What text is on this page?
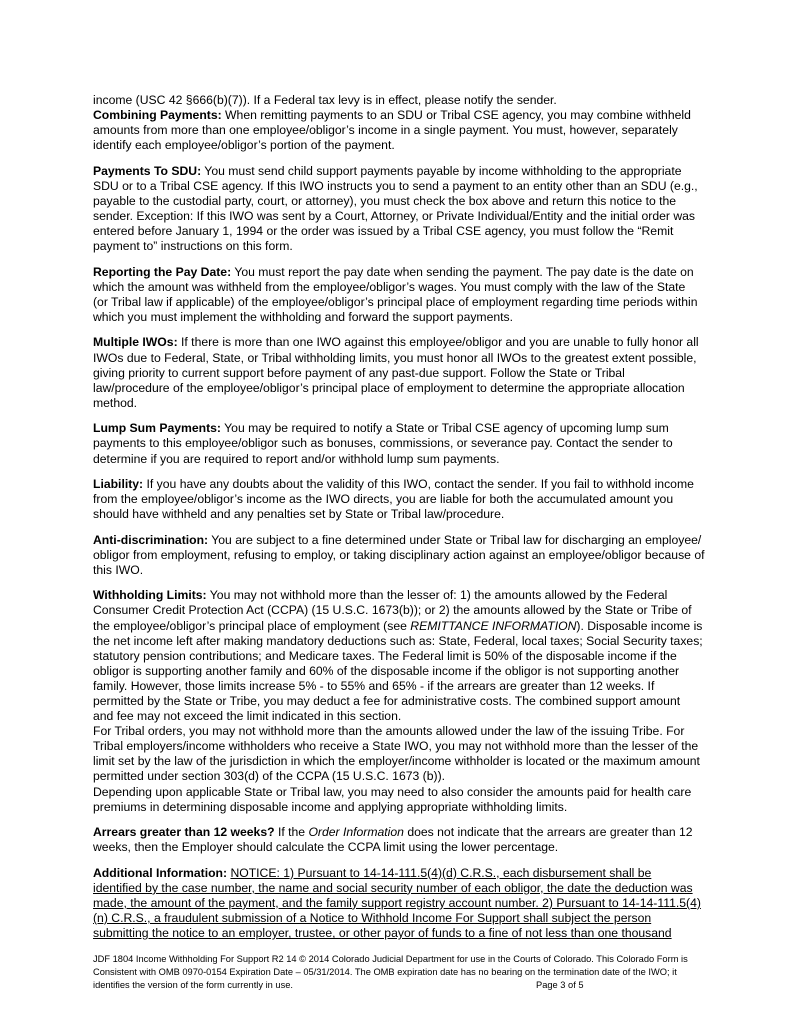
income (USC 42 §666(b)(7)). If a Federal tax levy is in effect, please notify the sender.
Combining Payments: When remitting payments to an SDU or Tribal CSE agency, you may combine withheld
amounts from more than one employee/obligor’s income in a single payment. You must, however, separately
identify each employee/obligor’s portion of the payment.
Payments To SDU: You must send child support payments payable by income withholding to the appropriate
SDU or to a Tribal CSE agency. If this IWO instructs you to send a payment to an entity other than an SDU (e.g.,
payable to the custodial party, court, or attorney), you must check the box above and return this notice to the
sender. Exception: If this IWO was sent by a Court, Attorney, or Private Individual/Entity and the initial order was
entered before January 1, 1994 or the order was issued by a Tribal CSE agency, you must follow the “Remit
payment to” instructions on this form.
Reporting the Pay Date: You must report the pay date when sending the payment. The pay date is the date on
which the amount was withheld from the employee/obligor’s wages. You must comply with the law of the State
(or Tribal law if applicable) of the employee/obligor’s principal place of employment regarding time periods within
which you must implement the withholding and forward the support payments.
Multiple IWOs: If there is more than one IWO against this employee/obligor and you are unable to fully honor all
IWOs due to Federal, State, or Tribal withholding limits, you must honor all IWOs to the greatest extent possible,
giving priority to current support before payment of any past-due support. Follow the State or Tribal
law/procedure of the employee/obligor’s principal place of employment to determine the appropriate allocation
method.
Lump Sum Payments: You may be required to notify a State or Tribal CSE agency of upcoming lump sum
payments to this employee/obligor such as bonuses, commissions, or severance pay. Contact the sender to
determine if you are required to report and/or withhold lump sum payments.
Liability: If you have any doubts about the validity of this IWO, contact the sender. If you fail to withhold income
from the employee/obligor’s income as the IWO directs, you are liable for both the accumulated amount you
should have withheld and any penalties set by State or Tribal law/procedure.
Anti-discrimination: You are subject to a fine determined under State or Tribal law for discharging an employee/
obligor from employment, refusing to employ, or taking disciplinary action against an employee/obligor because of
this IWO.
Withholding Limits: You may not withhold more than the lesser of: 1) the amounts allowed by the Federal
Consumer Credit Protection Act (CCPA) (15 U.S.C. 1673(b)); or 2) the amounts allowed by the State or Tribe of
the employee/obligor’s principal place of employment (see REMITTANCE INFORMATION). Disposable income is
the net income left after making mandatory deductions such as: State, Federal, local taxes; Social Security taxes;
statutory pension contributions; and Medicare taxes. The Federal limit is 50% of the disposable income if the
obligor is supporting another family and 60% of the disposable income if the obligor is not supporting another
family. However, those limits increase 5% - to 55% and 65% - if the arrears are greater than 12 weeks. If
permitted by the State or Tribe, you may deduct a fee for administrative costs. The combined support amount
and fee may not exceed the limit indicated in this section.
For Tribal orders, you may not withhold more than the amounts allowed under the law of the issuing Tribe. For
Tribal employers/income withholders who receive a State IWO, you may not withhold more than the lesser of the
limit set by the law of the jurisdiction in which the employer/income withholder is located or the maximum amount
permitted under section 303(d) of the CCPA (15 U.S.C. 1673 (b)).
Depending upon applicable State or Tribal law, you may need to also consider the amounts paid for health care
premiums in determining disposable income and applying appropriate withholding limits.
Arrears greater than 12 weeks? If the Order Information does not indicate that the arrears are greater than 12
weeks, then the Employer should calculate the CCPA limit using the lower percentage.
Additional Information: NOTICE: 1) Pursuant to 14-14-111.5(4)(d) C.R.S., each disbursement shall be
identified by the case number, the name and social security number of each obligor, the date the deduction was
made, the amount of the payment, and the family support registry account number. 2) Pursuant to 14-14-111.5(4)
(n) C.R.S., a fraudulent submission of a Notice to Withhold Income For Support shall subject the person
submitting the notice to an employer, trustee, or other payor of funds to a fine of not less than one thousand
JDF 1804 Income Withholding For Support R2 14 © 2014 Colorado Judicial Department for use in the Courts of Colorado. This Colorado Form is
Consistent with OMB 0970-0154 Expiration Date – 05/31/2014. The OMB expiration date has no bearing on the termination date of the IWO; it
identifies the version of the form currently in use.	Page 3 of 5
